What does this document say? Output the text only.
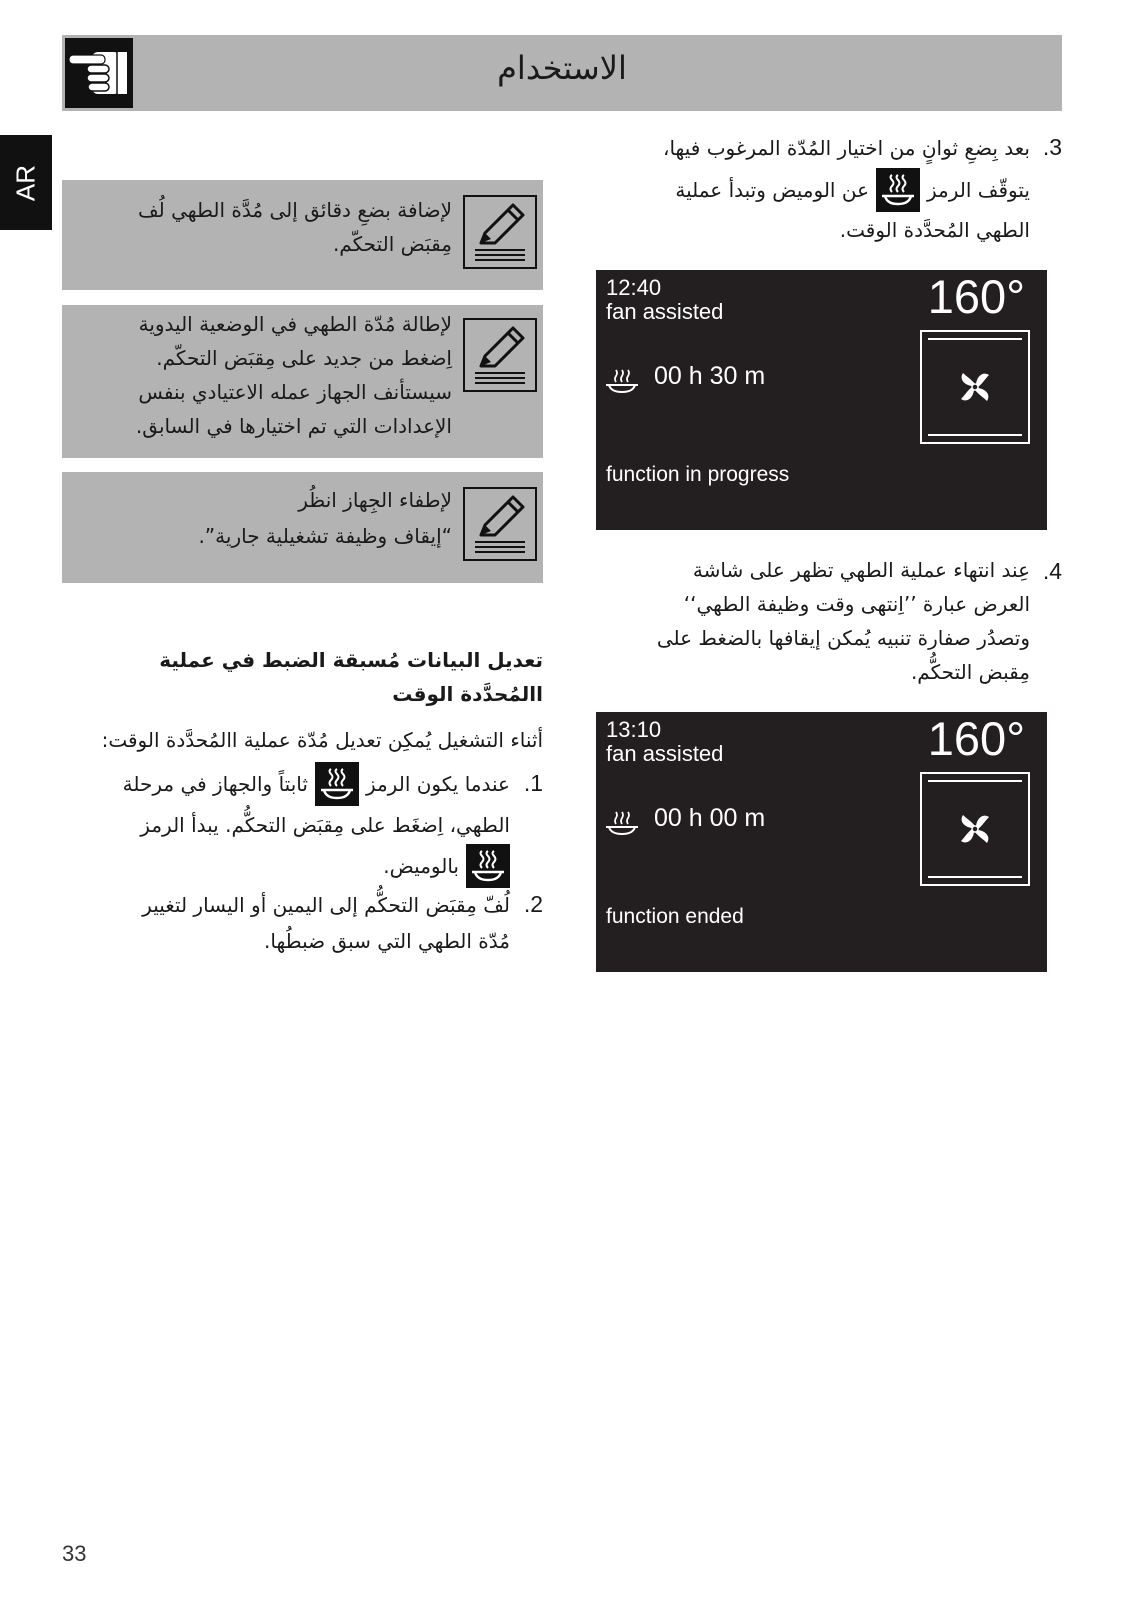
الاستخدام
AR
لإضافة بضعِ دقائق إلى مُدَّة الطهي لُف
مِقبَض التحكّم.
لإطالة مُدّة الطهي في الوضعية اليدوية
اِضغط من جديد على مِقبَض التحكّم.
سيستأنف الجهاز عمله الاعتيادي بنفس
الإعدادات التي تم اختيارها في السابق.
لإطفاء الجِهاز انظُر
“إيقاف وظيفة تشغيلية جارية”.
تعديل البيانات مُسبقة الضبط في عملية
االمُحدَّدة الوقت
أثناء التشغيل يُمكِن تعديل مُدّة عملية االمُحدَّدة الوقت:
1.
عندما يكون الرمز
ثابتاً والجهاز في مرحلة
الطهي، اِضغَط على مِقبَض التحكُّم. يبدأ الرمز
بالوميض.
2.
لُفّ مِقبَض التحكُّم إلى اليمين أو اليسار لتغيير
مُدّة الطهي التي سبق ضبطُها.
3.
بعد بِضعِ ثوانٍ من اختيار المُدّة المرغوب فيها،
يتوقّف الرمز
عن الوميض وتبدأ عملية
الطهي المُحدَّدة الوقت.
12:40
fan assisted	160°
00 h 30 m
function in progress
4.
عِند انتهاء عملية الطهي تظهر على شاشة
العرض عبارة ’’اِنتهى وقت وظيفة الطهي‘‘
وتصدُر صفارة تنبيه يُمكن إيقافها بالضغط على
مِقبض التحكُّم.
13:10
fan assisted	160°
00 h 00 m
function ended
33
